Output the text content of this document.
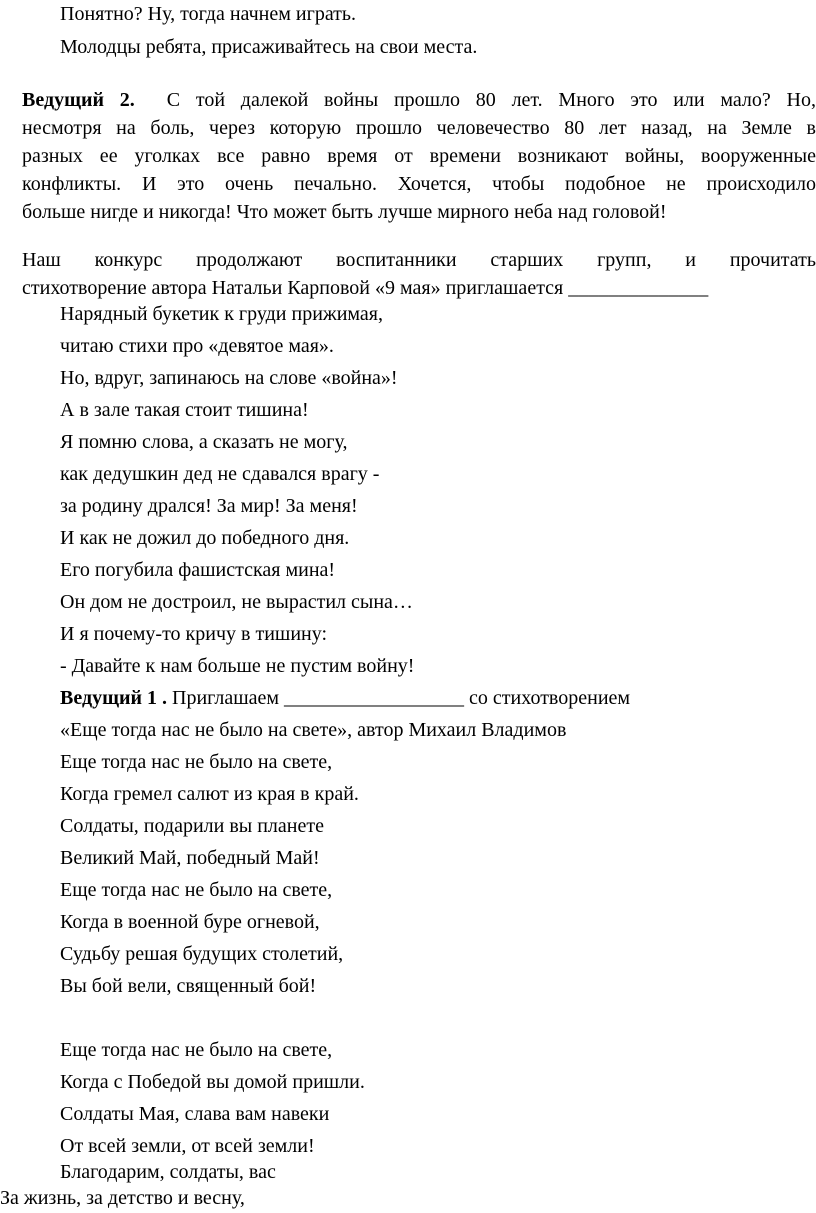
Понятно? Ну, тогда начнем играть.
Молодцы ребята, присаживайтесь на свои места.
Ведущий 2. С той далекой войны прошло 80 лет. Много это или мало? Но,
несмотря на боль, через которую прошло человечество 80 лет назад, на Земле в
разных ее уголках все равно время от времени возникают войны, вооруженные
конфликты. И это очень печально. Хочется, чтобы подобное не происходило
больше нигде и никогда! Что может быть лучше мирного неба над головой!
Наш конкурс продолжают воспитанники старших групп, и прочитать
стихотворение автора Натальи Карповой «9 мая» приглашается ______________
Нарядный букетик к груди прижимая,
читаю стихи про «девятое мая».
Но, вдруг, запинаюсь на слове «война»!
А в зале такая стоит тишина!
Я помню слова, а сказать не могу,
как дедушкин дед не сдавался врагу -
за родину дрался! За мир! За меня!
И как не дожил до победного дня.
Его погубила фашистская мина!
Он дом не достроил, не вырастил сына…
И я почему-то кричу в тишину:
- Давайте к нам больше не пустим войну!
Ведущий 1 . Приглашаем __________________ со стихотворением
«Еще тогда нас не было на свете», автор Михаил Владимов
Еще тогда нас не было на свете,
Когда гремел салют из края в край.
Солдаты, подарили вы планете
Великий Май, победный Май!
Еще тогда нас не было на свете,
Когда в военной буре огневой,
Судьбу решая будущих столетий,
Вы бой вели, священный бой!
Еще тогда нас не было на свете,
Когда с Победой вы домой пришли.
Солдаты Мая, слава вам навеки
От всей земли, от всей земли!
Благодарим, солдаты, вас
За жизнь, за детство и весну,
